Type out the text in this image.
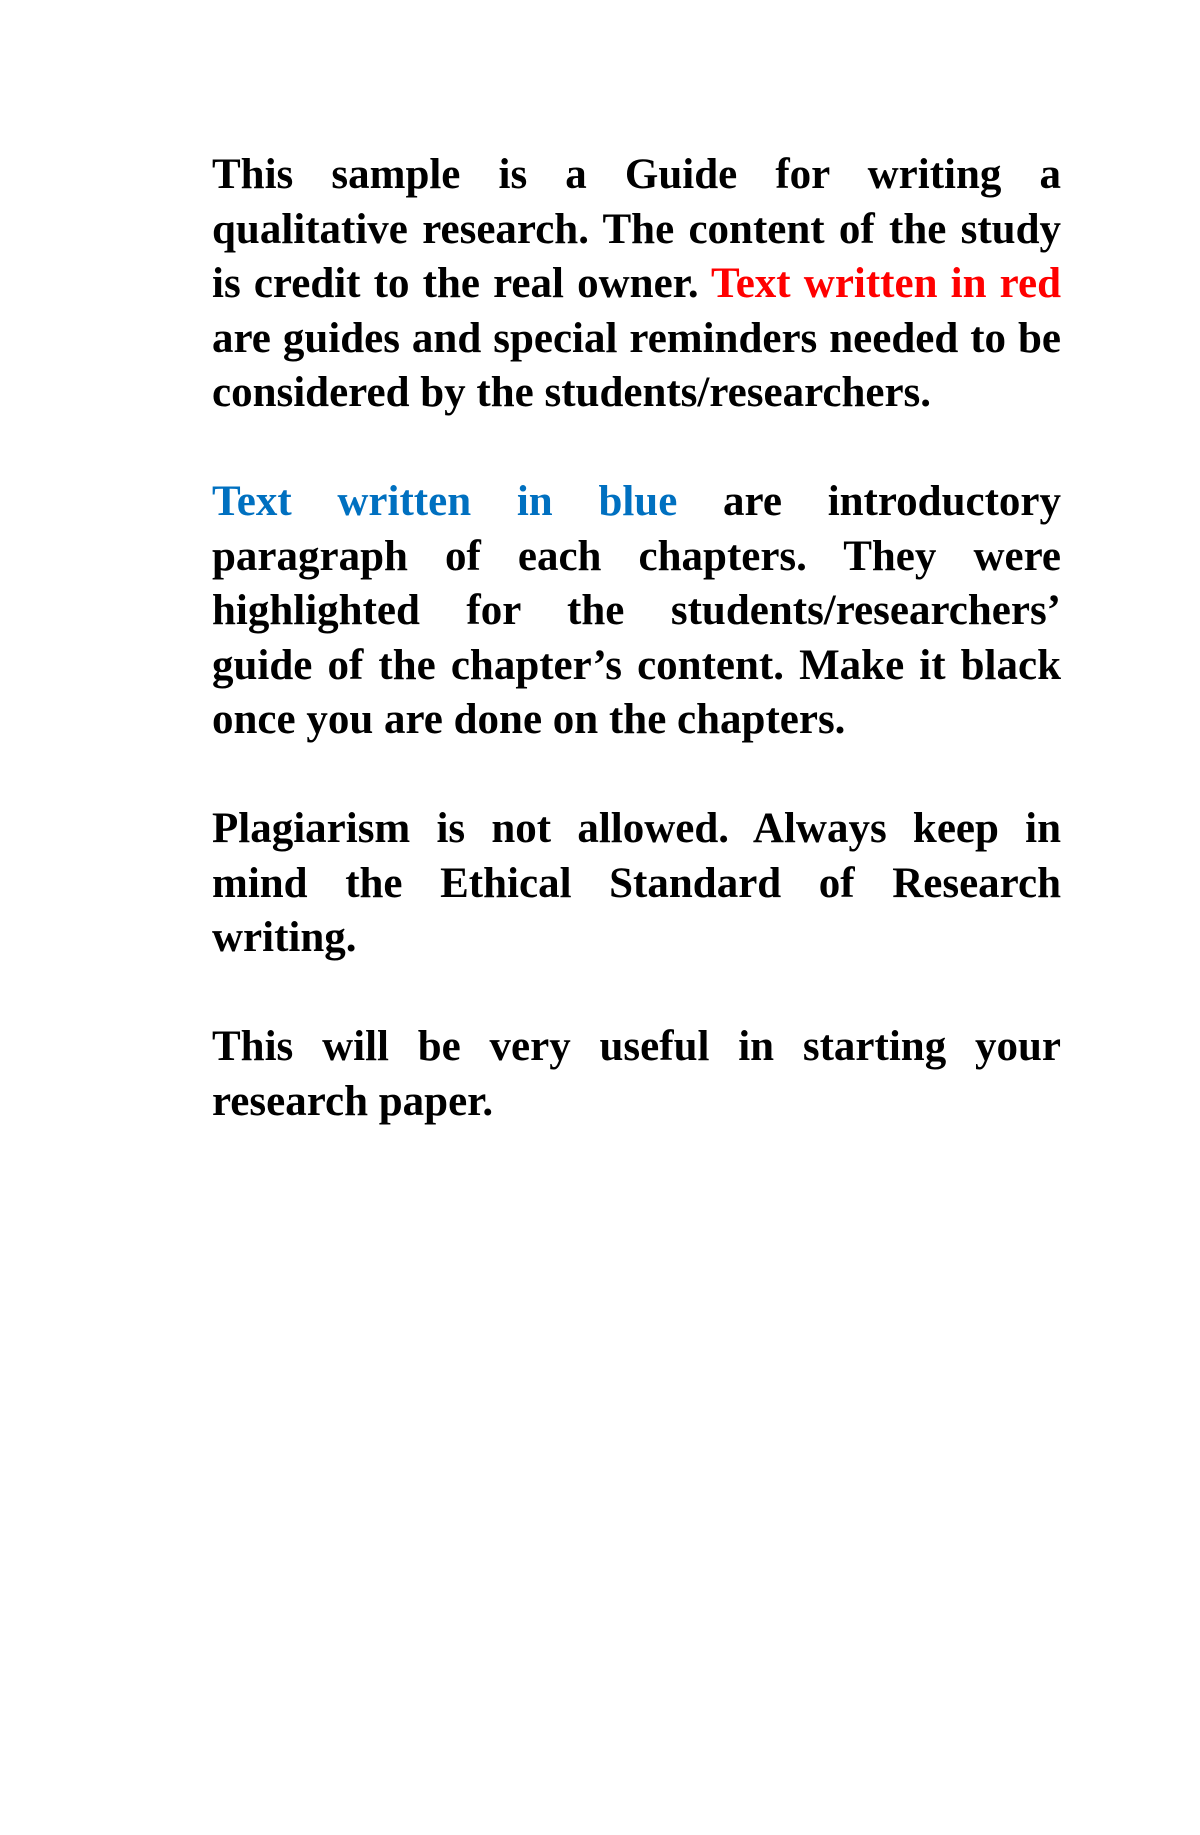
This sample is a Guide for writing a qualitative research. The content of the study is credit to the real owner. Text written in red are guides and special reminders needed to be considered by the students/researchers.

Text written in blue are introductory paragraph of each chapters. They were highlighted for the students/researchers’ guide of the chapter’s content. Make it black once you are done on the chapters.

Plagiarism is not allowed. Always keep in mind the Ethical Standard of Research writing.

This will be very useful in starting your research paper.
